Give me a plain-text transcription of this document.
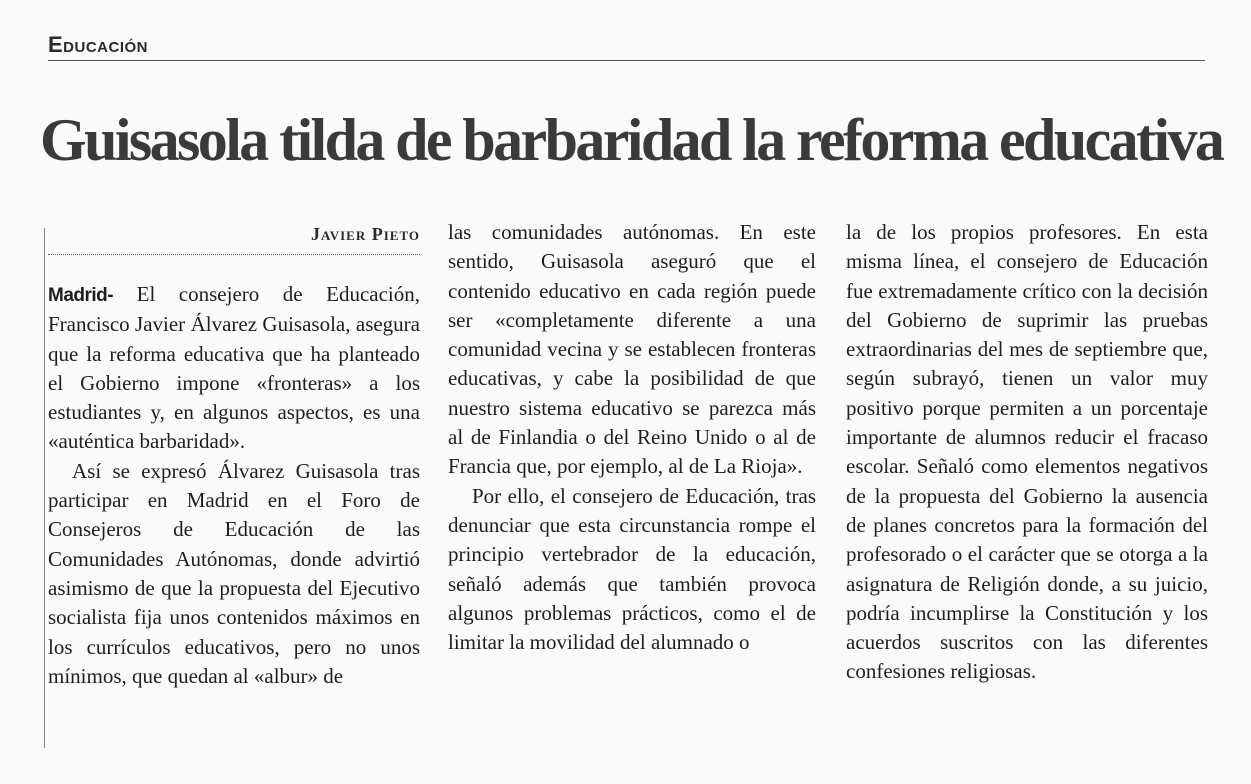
Educación
Guisasola tilda de barbaridad la reforma educativa
Javier Pieto

Madrid- El consejero de Educación, Francisco Javier Álvarez Guisasola, asegura que la reforma educativa que ha planteado el Gobierno impone «fronteras» a los estudiantes y, en algunos aspectos, es una «auténtica barbaridad».

Así se expresó Álvarez Guisasola tras participar en Madrid en el Foro de Consejeros de Educación de las Comunidades Autónomas, donde advirtió asimismo de que la propuesta del Ejecutivo socialista fija unos contenidos máximos en los currículos educativos, pero no unos mínimos, que quedan al «albur» de

las comunidades autónomas. En este sentido, Guisasola aseguró que el contenido educativo en cada región puede ser «completamente diferente a una comunidad vecina y se establecen fronteras educativas, y cabe la posibilidad de que nuestro sistema educativo se parezca más al de Finlandia o del Reino Unido o al de Francia que, por ejemplo, al de La Rioja».

Por ello, el consejero de Educación, tras denunciar que esta circunstancia rompe el principio vertebrador de la educación, señaló además que también provoca algunos problemas prácticos, como el de limitar la movilidad del alumnado o

la de los propios profesores. En esta misma línea, el consejero de Educación fue extremadamente crítico con la decisión del Gobierno de suprimir las pruebas extraordinarias del mes de septiembre que, según subrayó, tienen un valor muy positivo porque permiten a un porcentaje importante de alumnos reducir el fracaso escolar. Señaló como elementos negativos de la propuesta del Gobierno la ausencia de planes concretos para la formación del profesorado o el carácter que se otorga a la asignatura de Religión donde, a su juicio, podría incumplirse la Constitución y los acuerdos suscritos con las diferentes confesiones religiosas.
